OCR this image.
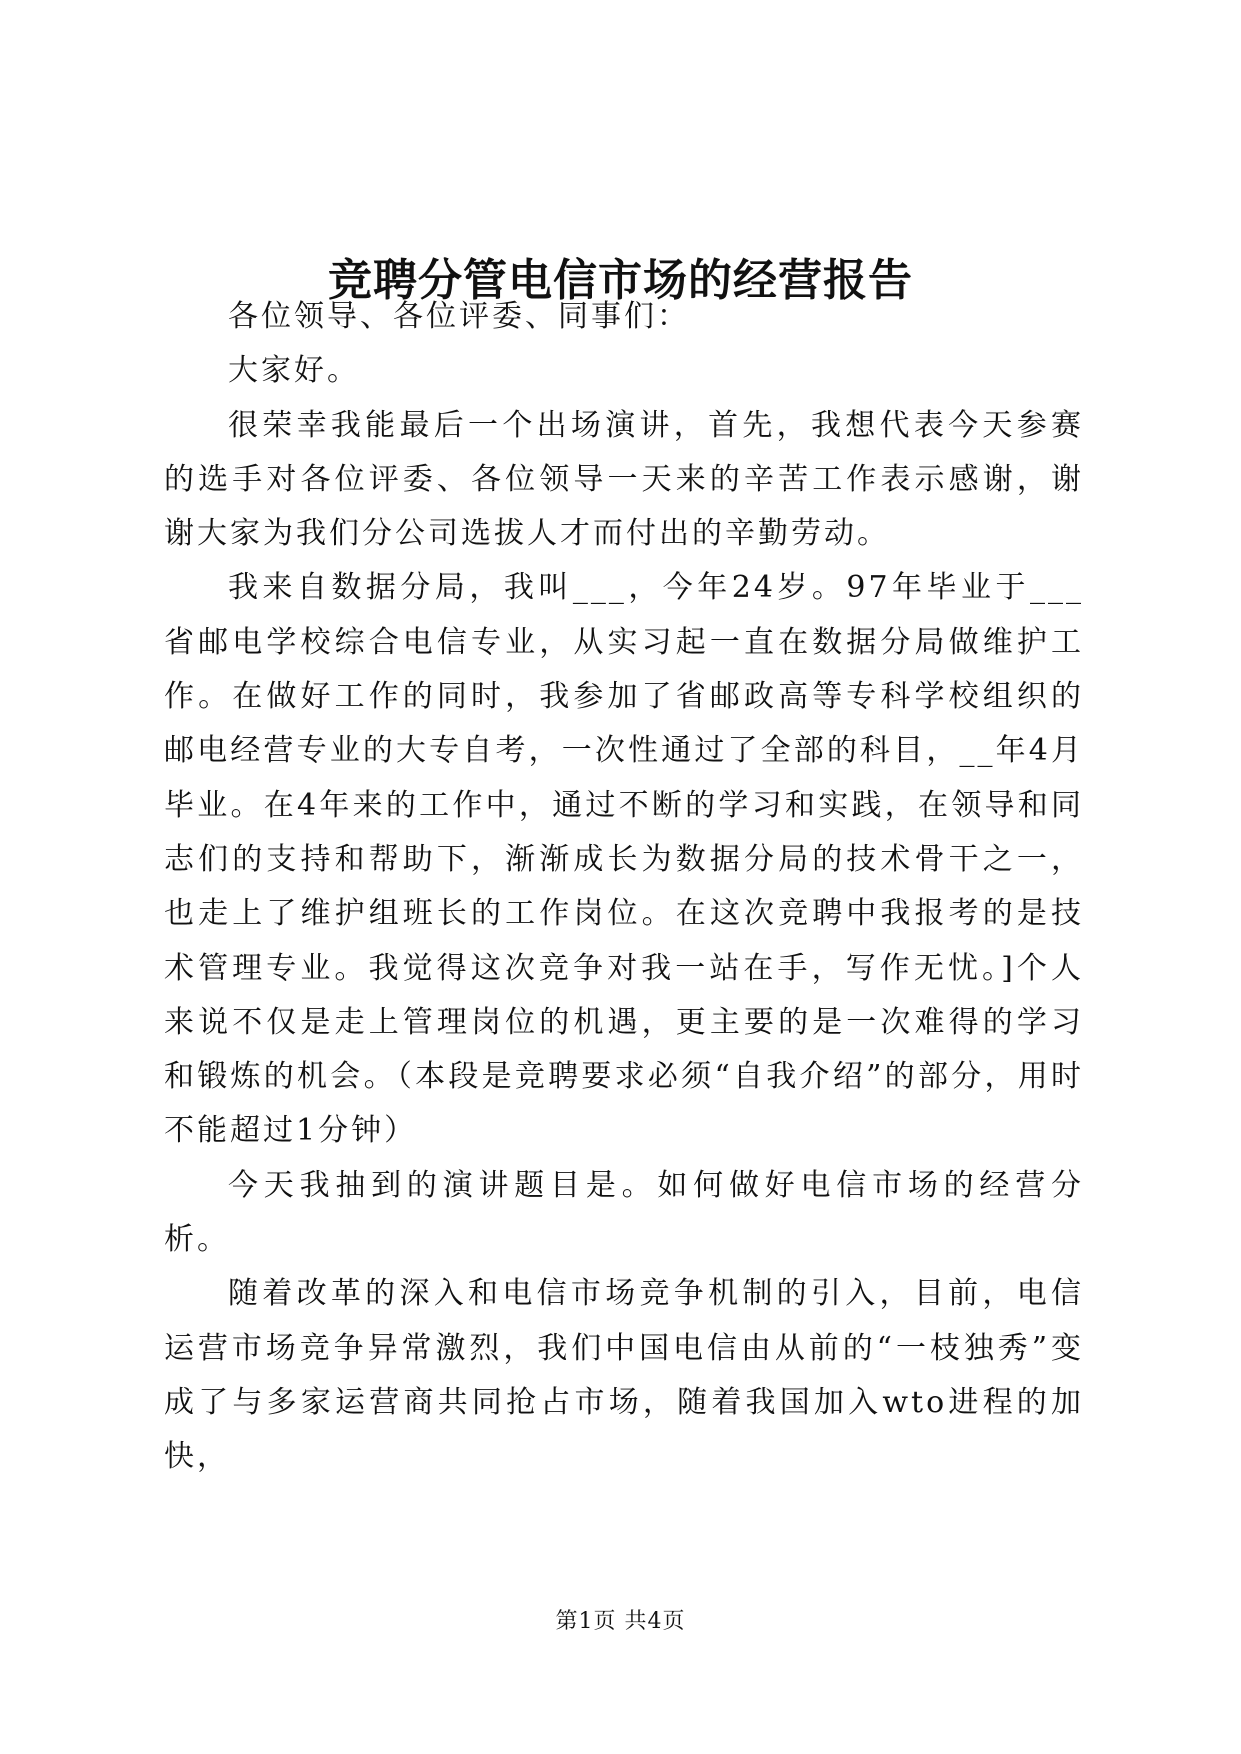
竞聘分管电信市场的经营报告

各位领导、各位评委、同事们：

大家好。

很荣幸我能最后一个出场演讲，首先，我想代表今天参赛的选手对各位评委、各位领导一天来的辛苦工作表示感谢，谢谢大家为我们分公司选拔人才而付出的辛勤劳动。

我来自数据分局，我叫___，今年24岁。97年毕业于___省邮电学校综合电信专业，从实习起一直在数据分局做维护工作。在做好工作的同时，我参加了省邮政高等专科学校组织的邮电经营专业的大专自考，一次性通过了全部的科目，__年4月毕业。在4年来的工作中，通过不断的学习和实践，在领导和同志们的支持和帮助下，渐渐成长为数据分局的技术骨干之一，也走上了维护组班长的工作岗位。在这次竞聘中我报考的是技术管理专业。我觉得这次竞争对我一站在手，写作无忧。]个人来说不仅是走上管理岗位的机遇，更主要的是一次难得的学习和锻炼的机会。（本段是竞聘要求必须“自我介绍”的部分，用时不能超过1分钟）

今天我抽到的演讲题目是。如何做好电信市场的经营分析。

随着改革的深入和电信市场竞争机制的引入，目前，电信运营市场竞争异常激烈，我们中国电信由从前的“一枝独秀”变成了与多家运营商共同抢占市场，随着我国加入wto进程的加快，

第1页 共4页
